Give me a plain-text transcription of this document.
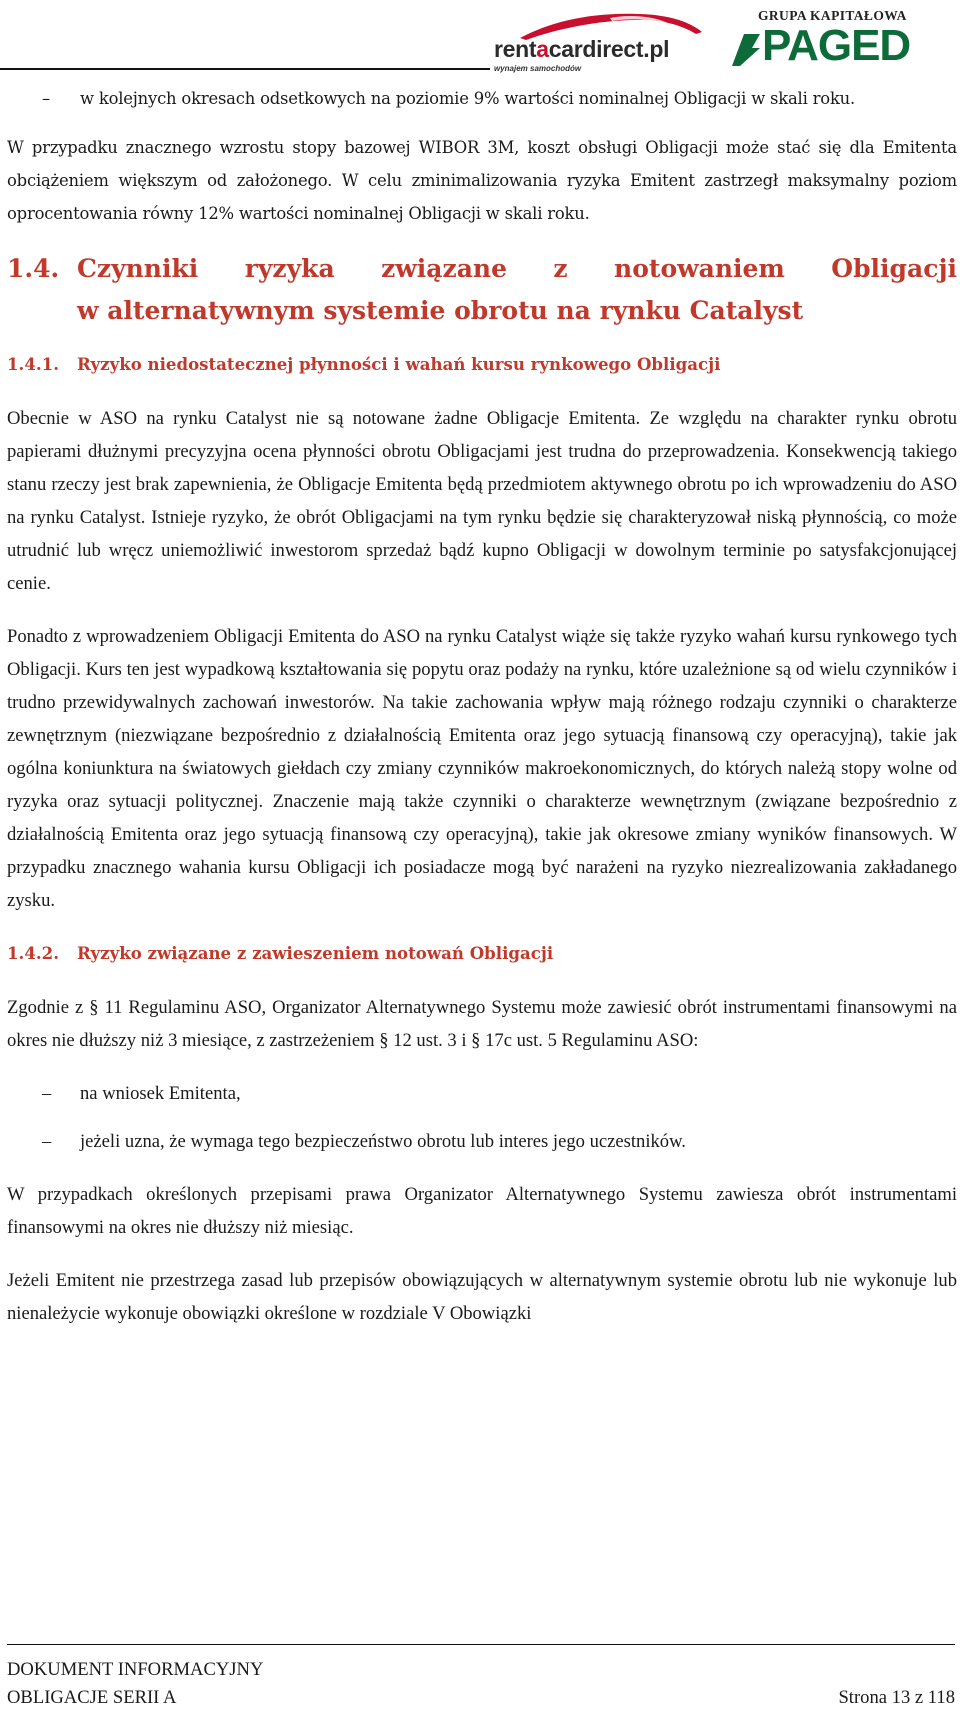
rentacardirect.pl
wynajem samochodów
GRUPA KAPITAŁOWA
PAGED

– w kolejnych okresach odsetkowych na poziomie 9% wartości nominalnej Obligacji w skali roku.

W przypadku znacznego wzrostu stopy bazowej WIBOR 3M, koszt obsługi Obligacji może stać się dla Emitenta obciążeniem większym od założonego. W celu zminimalizowania ryzyka Emitent zastrzegł maksymalny poziom oprocentowania równy 12% wartości nominalnej Obligacji w skali roku.

1.4. Czynniki ryzyka związane z notowaniem Obligacji
w alternatywnym systemie obrotu na rynku Catalyst
1.4.1. Ryzyko niedostatecznej płynności i wahań kursu rynkowego Obligacji

Obecnie w ASO na rynku Catalyst nie są notowane żadne Obligacje Emitenta. Ze względu na charakter rynku obrotu papierami dłużnymi precyzyjna ocena płynności obrotu Obligacjami jest trudna do przeprowadzenia. Konsekwencją takiego stanu rzeczy jest brak zapewnienia, że Obligacje Emitenta będą przedmiotem aktywnego obrotu po ich wprowadzeniu do ASO na rynku Catalyst. Istnieje ryzyko, że obrót Obligacjami na tym rynku będzie się charakteryzował niską płynnością, co może utrudnić lub wręcz uniemożliwić inwestorom sprzedaż bądź kupno Obligacji w dowolnym terminie po satysfakcjonującej cenie.

Ponadto z wprowadzeniem Obligacji Emitenta do ASO na rynku Catalyst wiąże się także ryzyko wahań kursu rynkowego tych Obligacji. Kurs ten jest wypadkową kształtowania się popytu oraz podaży na rynku, które uzależnione są od wielu czynników i trudno przewidywalnych zachowań inwestorów. Na takie zachowania wpływ mają różnego rodzaju czynniki o charakterze zewnętrznym (niezwiązane bezpośrednio z działalnością Emitenta oraz jego sytuacją finansową czy operacyjną), takie jak ogólna koniunktura na światowych giełdach czy zmiany czynników makroekonomicznych, do których należą stopy wolne od ryzyka oraz sytuacji politycznej. Znaczenie mają także czynniki o charakterze wewnętrznym (związane bezpośrednio z działalnością Emitenta oraz jego sytuacją finansową czy operacyjną), takie jak okresowe zmiany wyników finansowych. W przypadku znacznego wahania kursu Obligacji ich posiadacze mogą być narażeni na ryzyko niezrealizowania zakładanego zysku.

1.4.2. Ryzyko związane z zawieszeniem notowań Obligacji

Zgodnie z § 11 Regulaminu ASO, Organizator Alternatywnego Systemu może zawiesić obrót instrumentami finansowymi na okres nie dłuższy niż 3 miesiące, z zastrzeżeniem § 12 ust. 3 i § 17c ust. 5 Regulaminu ASO:

– na wniosek Emitenta,

– jeżeli uzna, że wymaga tego bezpieczeństwo obrotu lub interes jego uczestników.

W przypadkach określonych przepisami prawa Organizator Alternatywnego Systemu zawiesza obrót instrumentami finansowymi na okres nie dłuższy niż miesiąc.

Jeżeli Emitent nie przestrzega zasad lub przepisów obowiązujących w alternatywnym systemie obrotu lub nie wykonuje lub nienależycie wykonuje obowiązki określone w rozdziale V Obowiązki

DOKUMENT INFORMACYJNY
OBLIGACJE SERII A	Strona 13 z 118
